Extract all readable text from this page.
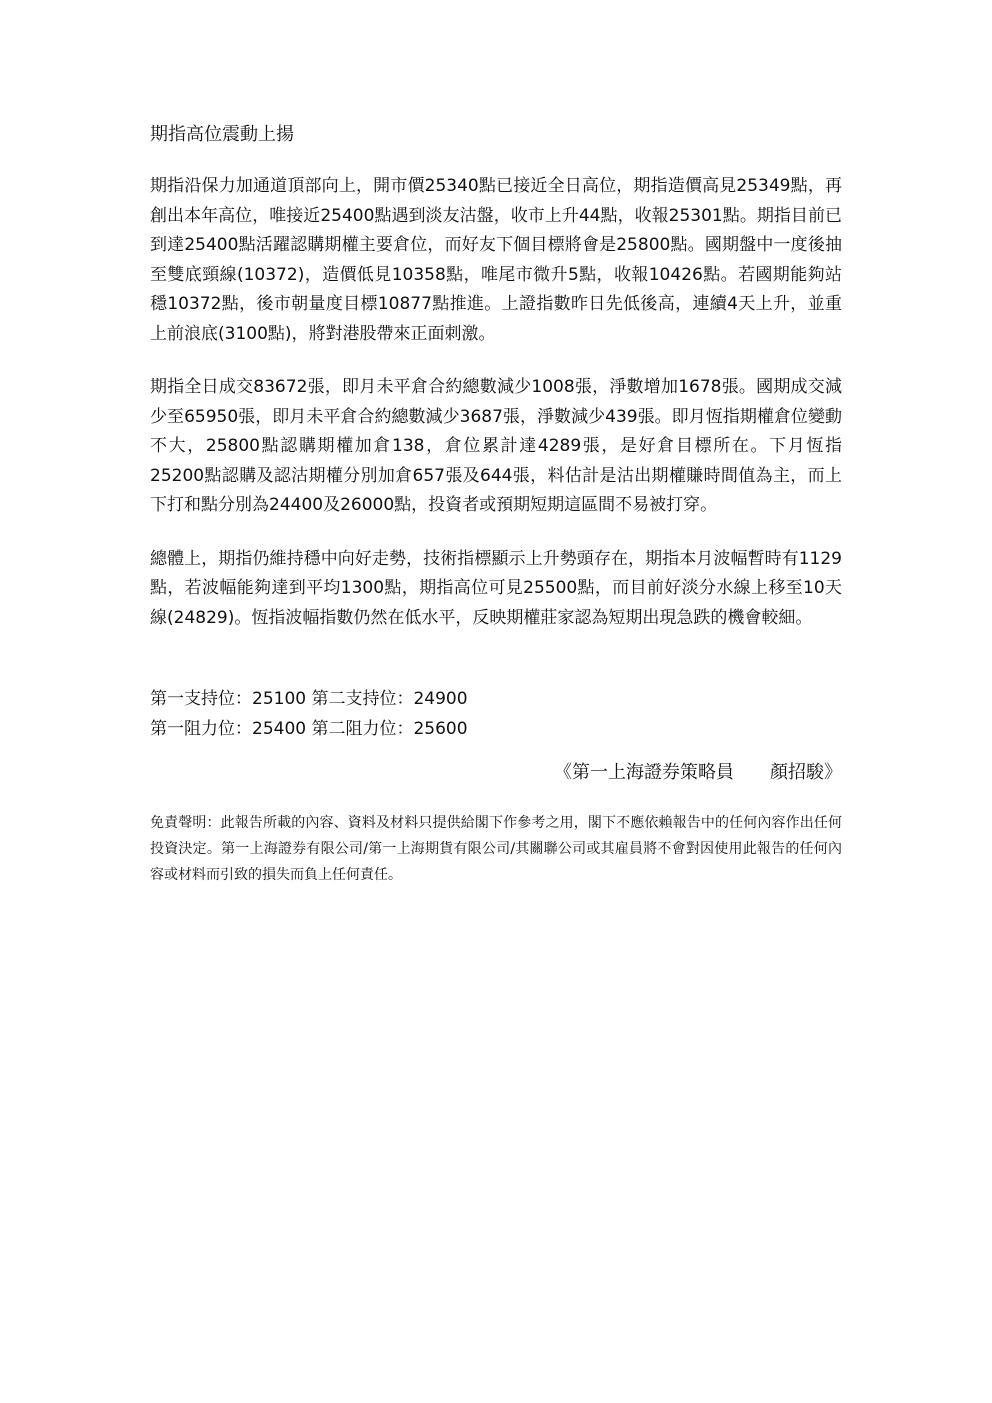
期指高位震動上揚
期指沿保力加通道頂部向上，開市價25340點已接近全日高位，期指造價高見25349點，再創出本年高位，唯接近25400點遇到淡友沽盤，收市上升44點，收報25301點。期指目前已到達25400點活躍認購期權主要倉位，而好友下個目標將會是25800點。國期盤中一度後抽至雙底頸線(10372)，造價低見10358點，唯尾市微升5點，收報10426點。若國期能夠站穩10372點，後市朝量度目標10877點推進。上證指數昨日先低後高，連續4天上升，並重上前浪底(3100點)，將對港股帶來正面刺激。
期指全日成交83672張，即月未平倉合約總數減少1008張，淨數增加1678張。國期成交減少至65950張，即月未平倉合約總數減少3687張，淨數減少439張。即月恆指期權倉位變動不大，25800點認購期權加倉138，倉位累計達4289張，是好倉目標所在。下月恆指25200點認購及認沽期權分別加倉657張及644張，料估計是沽出期權賺時間值為主，而上下打和點分別為24400及26000點，投資者或預期短期這區間不易被打穿。
總體上，期指仍維持穩中向好走勢，技術指標顯示上升勢頭存在，期指本月波幅暫時有1129點，若波幅能夠達到平均1300點，期指高位可見25500點，而目前好淡分水線上移至10天線(24829)。恆指波幅指數仍然在低水平，反映期權莊家認為短期出現急跌的機會較細。
第一支持位：25100 第二支持位：24900
第一阻力位：25400 第二阻力位：25600
《第一上海證券策略員　　顏招駿》
免責聲明：此報告所載的內容、資料及材料只提供給閣下作參考之用，閣下不應依賴報告中的任何內容作出任何投資決定。第一上海證券有限公司/第一上海期貨有限公司/其關聯公司或其雇員將不會對因使用此報告的任何內容或材料而引致的損失而負上任何責任。
